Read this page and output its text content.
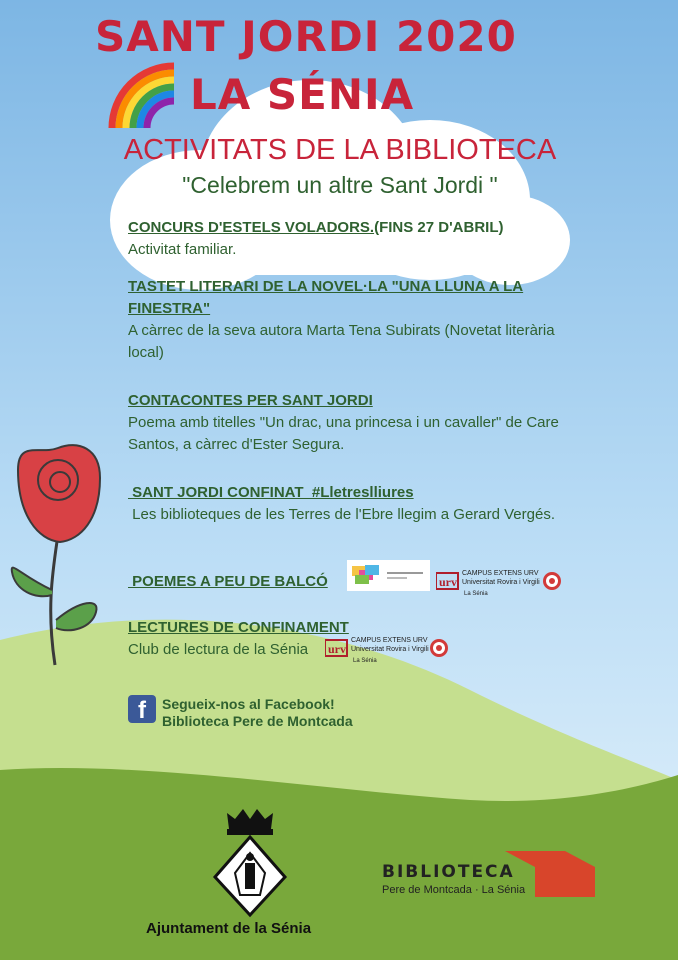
SANT JORDI 2020
LA SÉNIA
ACTIVITATS DE LA BIBLIOTECA
"Celebrem un altre Sant Jordi "
CONCURS D'ESTELS VOLADORS.(FINS 27 D'ABRIL)
Activitat familiar.
TASTET LITERARI DE LA NOVEL·LA "UNA LLUNA A LA FINESTRA"
A càrrec de la seva autora Marta Tena Subirats (Novetat literària local)
CONTACONTES PER SANT JORDI
Poema amb titelles "Un drac, una princesa i un cavaller" de Care Santos, a càrrec d'Ester Segura.
SANT JORDI CONFINAT  #Lletreslliures
Les biblioteques de les Terres de l'Ebre llegim a Gerard Vergés.
POEMES A PEU DE BALCÓ	urv
CAMPUS EXTENS URV
Universitat Rovira i Virgili
La Sénia
LECTURES DE CONFINAMENT
Club de lectura de la Sénia	urv
CAMPUS EXTENS URV
Universitat Rovira i Virgili
La Sénia
f Segueix-nos al Facebook!
Biblioteca Pere de Montcada
Ajuntament de la Sénia
BIBLIOTECA
Pere de Montcada · La Sénia
